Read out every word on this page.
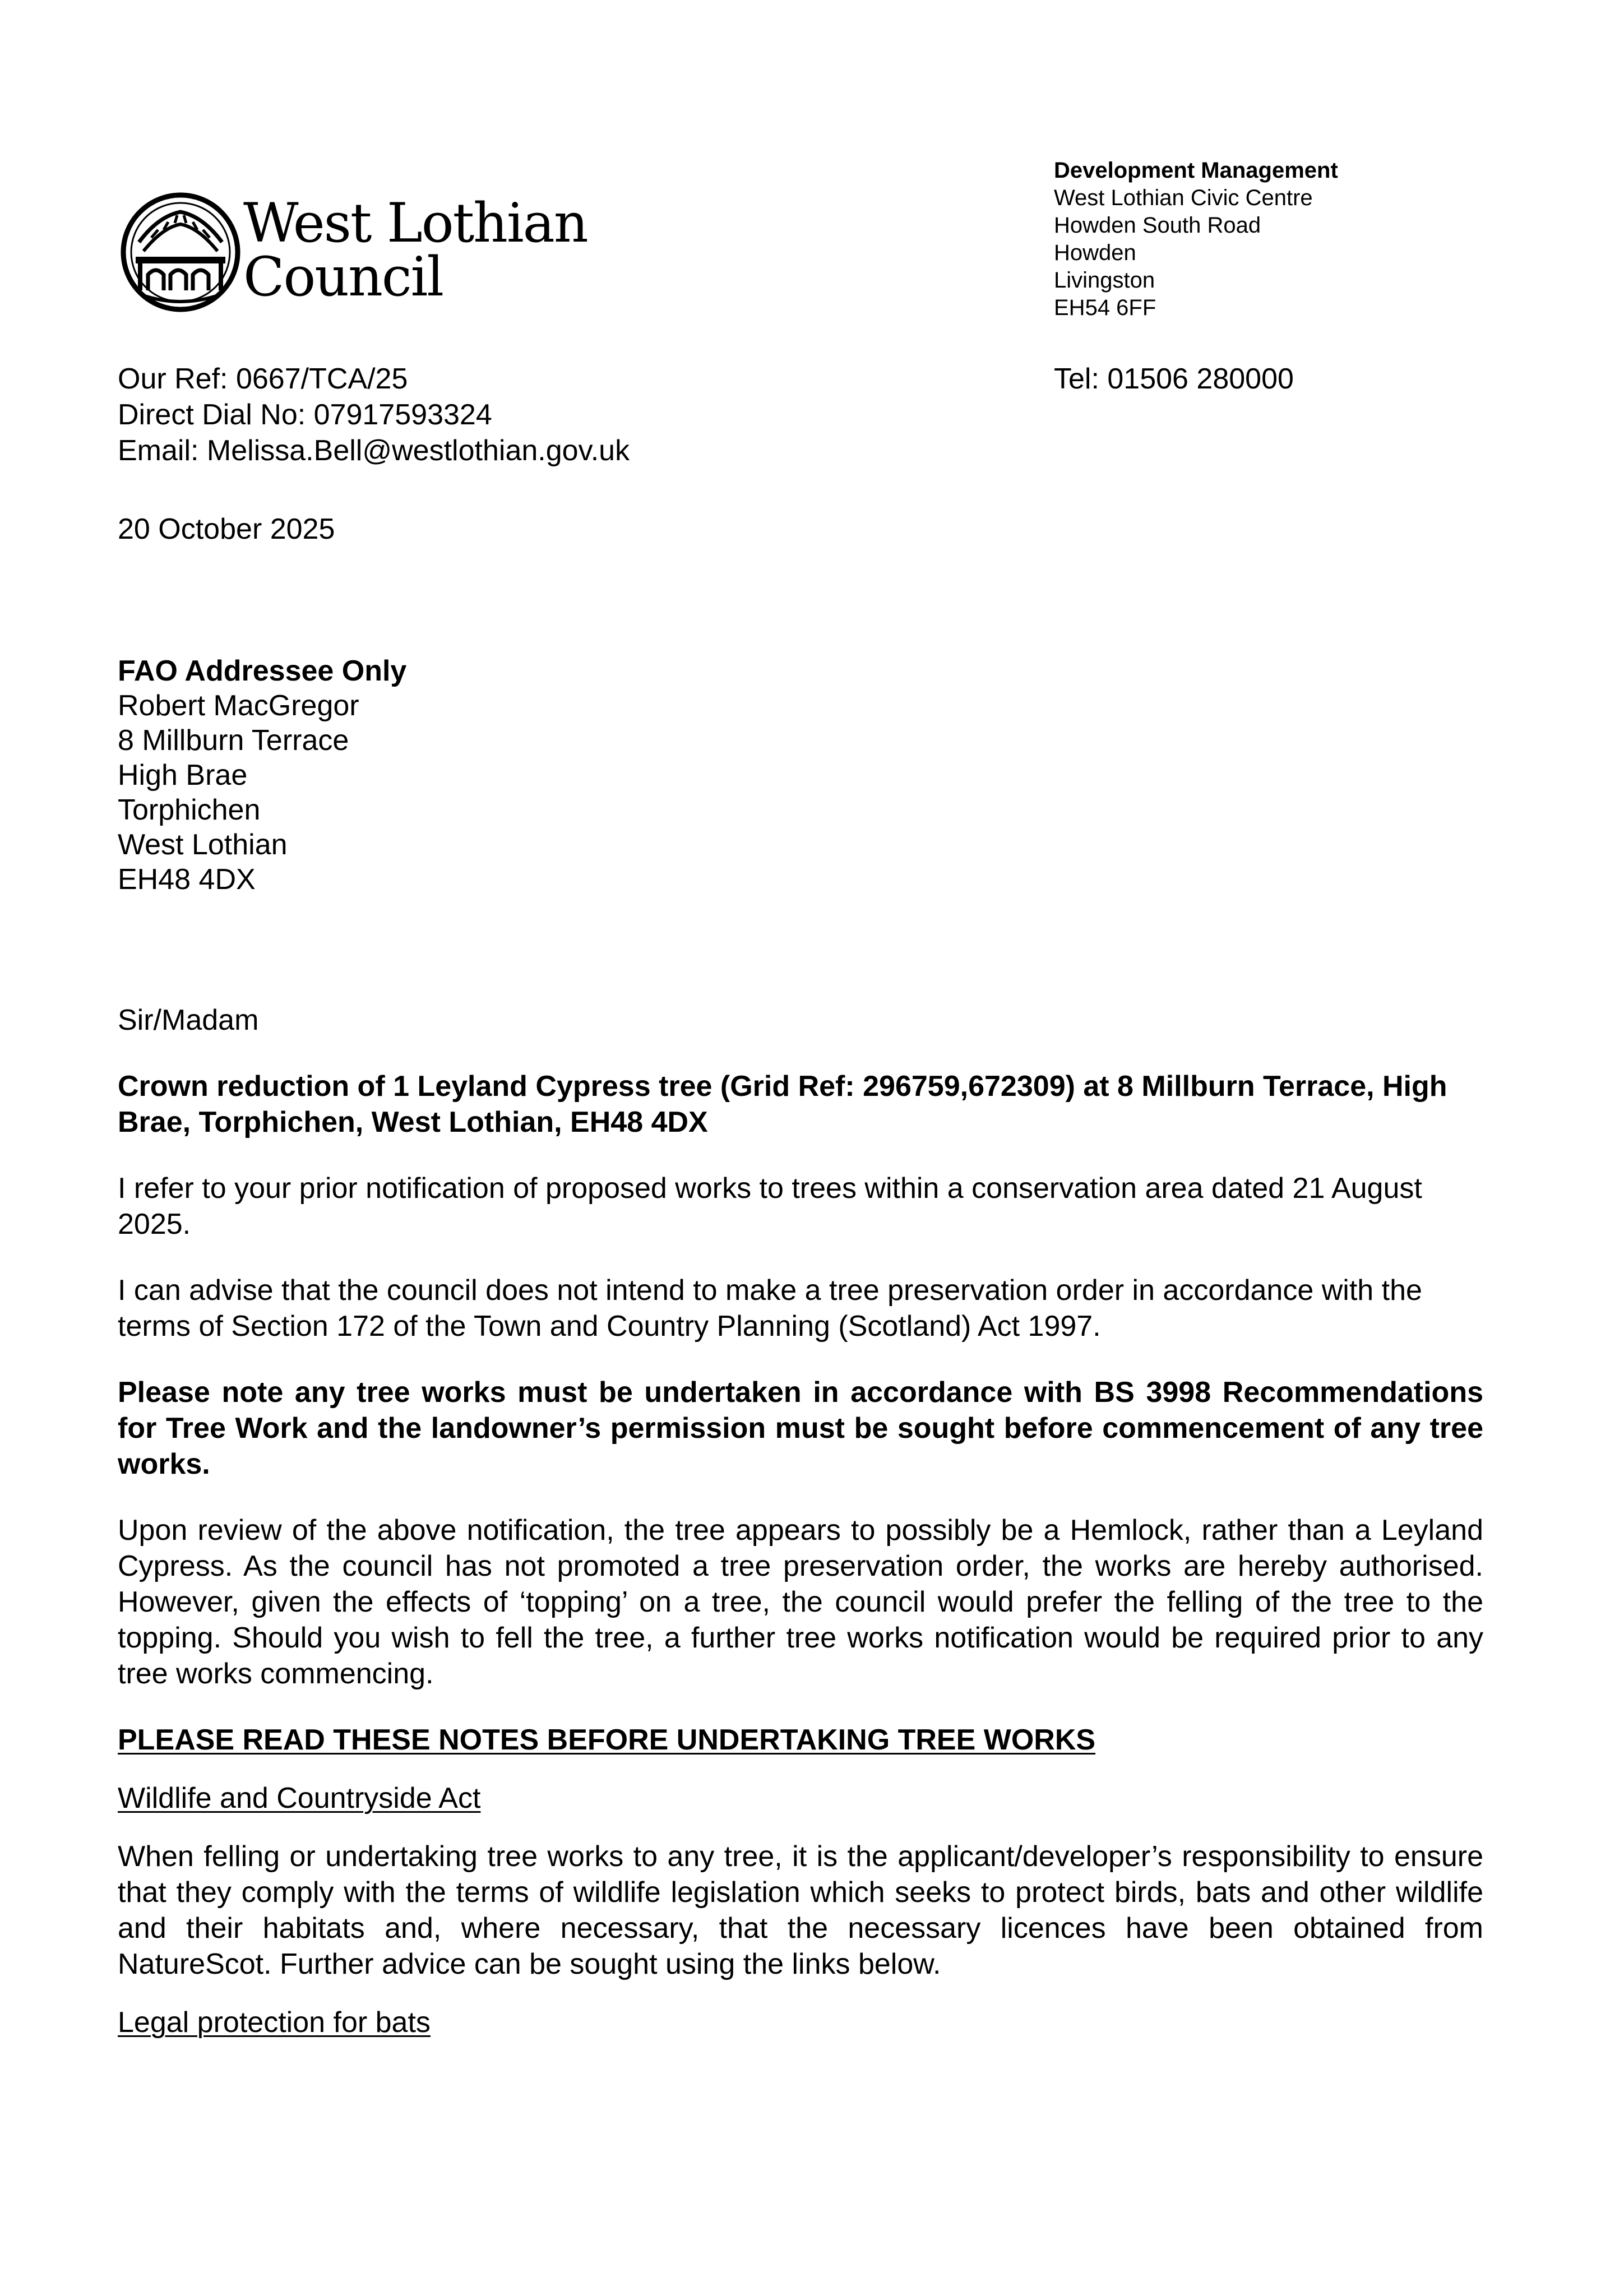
West Lothian
Council
Development Management
West Lothian Civic Centre
Howden South Road
Howden
Livingston
EH54 6FF
Tel: 01506 280000
Our Ref: 0667/TCA/25
Direct Dial No: 07917593324
Email: Melissa.Bell@westlothian.gov.uk
20 October 2025
FAO Addressee Only
Robert MacGregor
8 Millburn Terrace
High Brae
Torphichen
West Lothian
EH48 4DX

Sir/Madam

Crown reduction of 1 Leyland Cypress tree (Grid Ref: 296759,672309) at 8 Millburn Terrace, High Brae, Torphichen, West Lothian, EH48 4DX

I refer to your prior notification of proposed works to trees within a conservation area dated 21 August 2025.

I can advise that the council does not intend to make a tree preservation order in accordance with the terms of Section 172 of the Town and Country Planning (Scotland) Act 1997.

Please note any tree works must be undertaken in accordance with BS 3998 Recommendations for Tree Work and the landowner’s permission must be sought before commencement of any tree works.

Upon review of the above notification, the tree appears to possibly be a Hemlock, rather than a Leyland Cypress. As the council has not promoted a tree preservation order, the works are hereby authorised. However, given the effects of ‘topping’ on a tree, the council would prefer the felling of the tree to the topping. Should you wish to fell the tree, a further tree works notification would be required prior to any tree works commencing.

PLEASE READ THESE NOTES BEFORE UNDERTAKING TREE WORKS

Wildlife and Countryside Act

When felling or undertaking tree works to any tree, it is the applicant/developer’s responsibility to ensure that they comply with the terms of wildlife legislation which seeks to protect birds, bats and other wildlife and their habitats and, where necessary, that the necessary licences have been obtained from NatureScot. Further advice can be sought using the links below.

Legal protection for bats
